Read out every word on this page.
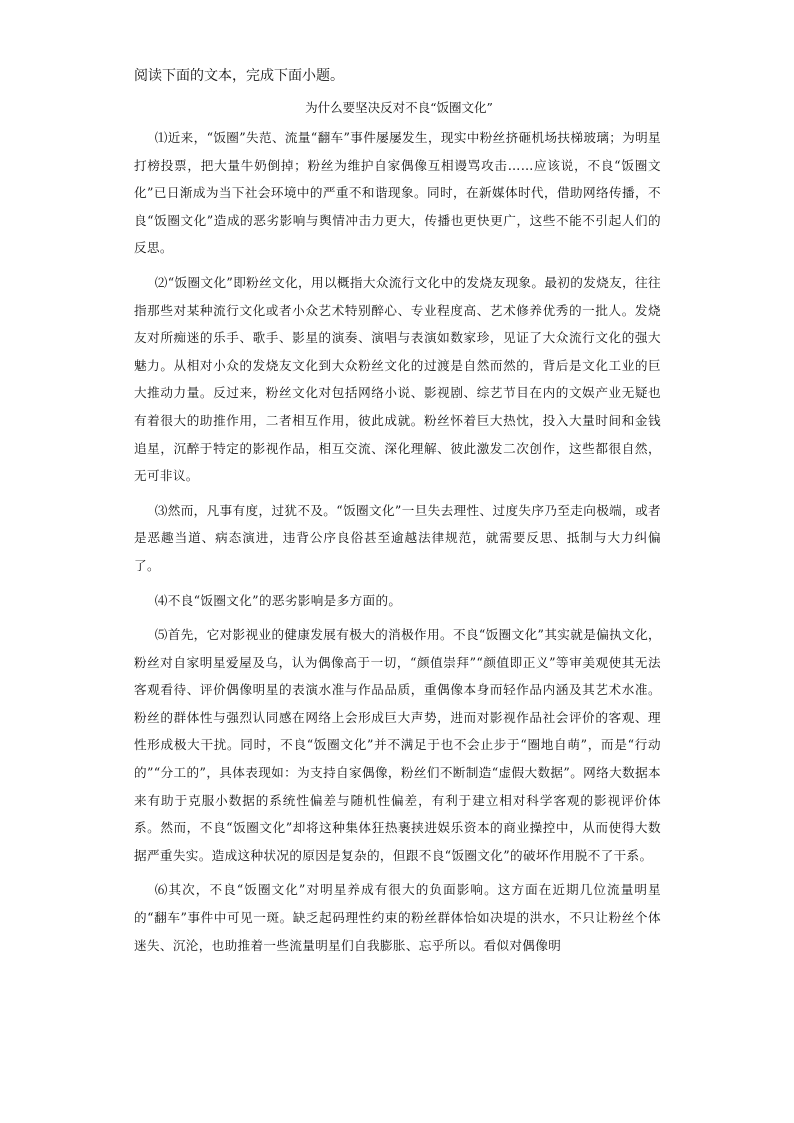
阅读下面的文本，完成下面小题。
为什么要坚决反对不良“饭圈文化”

⑴近来，“饭圈”失范、流量“翻车”事件屡屡发生，现实中粉丝挤砸机场扶梯玻璃；为明星打榜投票，把大量牛奶倒掉；粉丝为维护自家偶像互相谩骂攻击……应该说，不良“饭圈文化”已日渐成为当下社会环境中的严重不和谐现象。同时，在新媒体时代，借助网络传播，不良“饭圈文化”造成的恶劣影响与舆情冲击力更大，传播也更快更广，这些不能不引起人们的反思。

⑵“饭圈文化”即粉丝文化，用以概指大众流行文化中的发烧友现象。最初的发烧友，往往指那些对某种流行文化或者小众艺术特别醉心、专业程度高、艺术修养优秀的一批人。发烧友对所痴迷的乐手、歌手、影星的演奏、演唱与表演如数家珍，见证了大众流行文化的强大魅力。从相对小众的发烧友文化到大众粉丝文化的过渡是自然而然的，背后是文化工业的巨大推动力量。反过来，粉丝文化对包括网络小说、影视剧、综艺节目在内的文娱产业无疑也有着很大的助推作用，二者相互作用，彼此成就。粉丝怀着巨大热忱，投入大量时间和金钱追星，沉醉于特定的影视作品，相互交流、深化理解、彼此激发二次创作，这些都很自然，无可非议。

⑶然而，凡事有度，过犹不及。“饭圈文化”一旦失去理性、过度失序乃至走向极端，或者是恶趣当道、病态演进，违背公序良俗甚至逾越法律规范，就需要反思、抵制与大力纠偏了。

⑷不良“饭圈文化”的恶劣影响是多方面的。

⑸首先，它对影视业的健康发展有极大的消极作用。不良“饭圈文化”其实就是偏执文化，粉丝对自家明星爱屋及乌，认为偶像高于一切，“颜值崇拜”“颜值即正义”等审美观使其无法客观看待、评价偶像明星的表演水准与作品品质，重偶像本身而轻作品内涵及其艺术水准。粉丝的群体性与强烈认同感在网络上会形成巨大声势，进而对影视作品社会评价的客观、理性形成极大干扰。同时，不良“饭圈文化”并不满足于也不会止步于“圈地自萌”，而是“行动的”“分工的”，具体表现如：为支持自家偶像，粉丝们不断制造“虚假大数据”。网络大数据本来有助于克服小数据的系统性偏差与随机性偏差，有利于建立相对科学客观的影视评价体系。然而，不良“饭圈文化”却将这种集体狂热裹挟进娱乐资本的商业操控中，从而使得大数据严重失实。造成这种状况的原因是复杂的，但跟不良“饭圈文化”的破坏作用脱不了干系。

⑹其次，不良“饭圈文化”对明星养成有很大的负面影响。这方面在近期几位流量明星的“翻车”事件中可见一斑。缺乏起码理性约束的粉丝群体恰如决堤的洪水，不只让粉丝个体迷失、沉沦，也助推着一些流量明星们自我膨胀、忘乎所以。看似对偶像明
